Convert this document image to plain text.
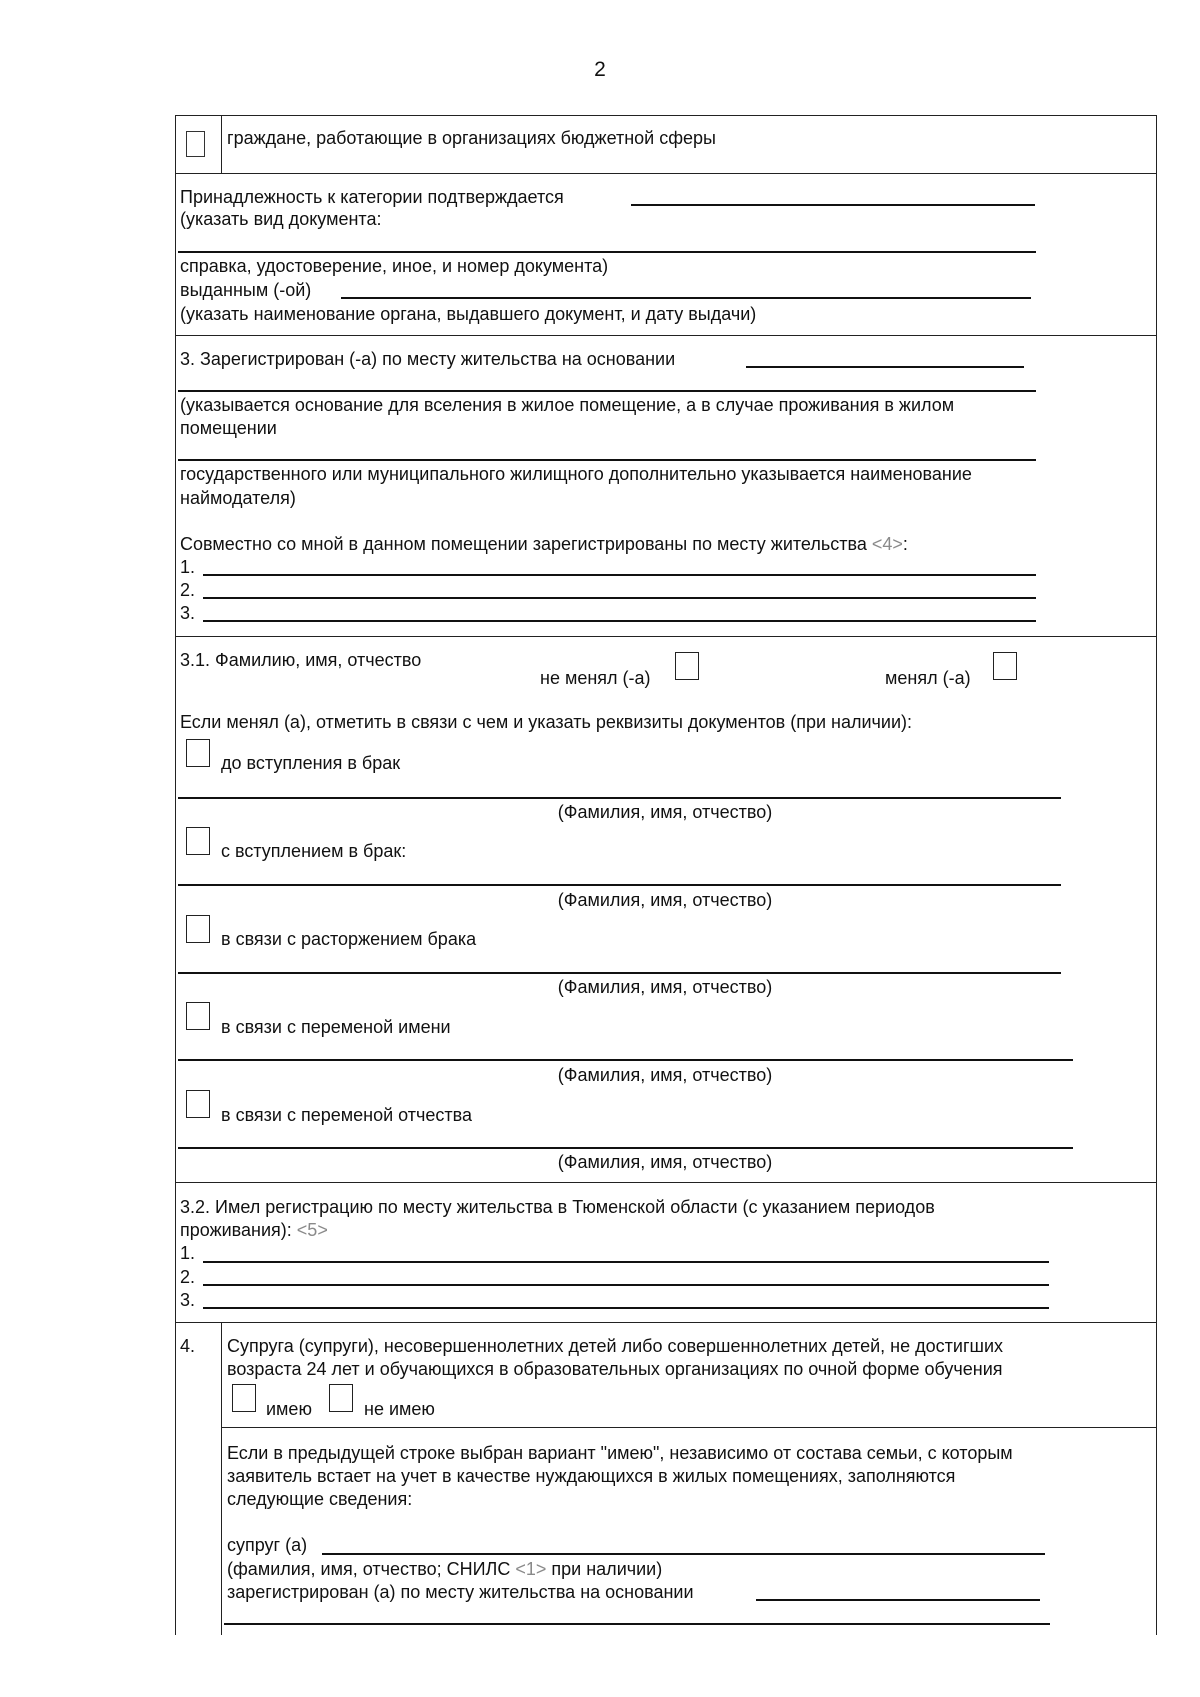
2
граждане, работающие в организациях бюджетной сферы
Принадлежность к категории подтверждается
(указать вид документа:
справка, удостоверение, иное, и номер документа)
выданным (-ой)
(указать наименование органа, выдавшего документ, и дату выдачи)
3. Зарегистрирован (-а) по месту жительства на основании
(указывается основание для вселения в жилое помещение, а в случае проживания в жилом
помещении
государственного или муниципального жилищного дополнительно указывается наименование
наймодателя)
Совместно со мной в данном помещении зарегистрированы по месту жительства <4>:
1.
2.
3.
3.1. Фамилию, имя, отчество
не менял (-а)	менял (-а)
Если менял (а), отметить в связи с чем и указать реквизиты документов (при наличии):
до вступления в брак
(Фамилия, имя, отчество)
с вступлением в брак:
(Фамилия, имя, отчество)
в связи с расторжением брака
(Фамилия, имя, отчество)
в связи с переменой имени
(Фамилия, имя, отчество)
в связи с переменой отчества
(Фамилия, имя, отчество)
3.2. Имел регистрацию по месту жительства в Тюменской области (с указанием периодов
проживания): <5>
1.
2.
3.
4. Супруга (супруги), несовершеннолетних детей либо совершеннолетних детей, не достигших
возраста 24 лет и обучающихся в образовательных организациях по очной форме обучения
имею	не имею
Если в предыдущей строке выбран вариант "имею", независимо от состава семьи, с которым
заявитель встает на учет в качестве нуждающихся в жилых помещениях, заполняются
следующие сведения:
супруг (а)
(фамилия, имя, отчество; СНИЛС <1> при наличии)
зарегистрирован (а) по месту жительства на основании
